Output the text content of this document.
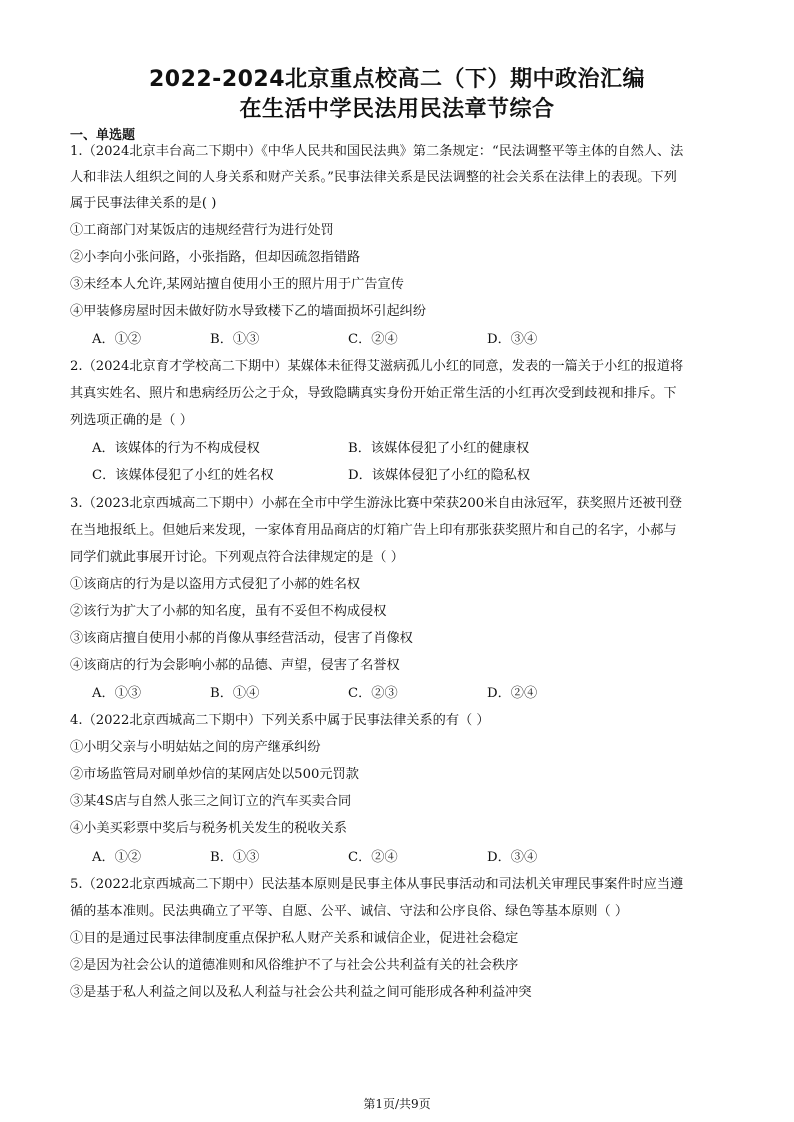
2022-2024北京重点校高二（下）期中政治汇编
在生活中学民法用民法章节综合
一、单选题
1.（2024北京丰台高二下期中）《中华人民共和国民法典》第二条规定：“民法调整平等主体的自然人、法
人和非法人组织之间的人身关系和财产关系。”民事法律关系是民法调整的社会关系在法律上的表现。下列
属于民事法律关系的是( )
①工商部门对某饭店的违规经营行为进行处罚
②小李向小张问路，小张指路，但却因疏忽指错路
③未经本人允许,某网站擅自使用小王的照片用于广告宣传
④甲装修房屋时因未做好防水导致楼下乙的墙面损坏引起纠纷
A．①②	B．①③	C．②④	D．③④
2.（2024北京育才学校高二下期中）某媒体未征得艾滋病孤儿小红的同意，发表的一篇关于小红的报道将
其真实姓名、照片和患病经历公之于众，导致隐瞒真实身份开始正常生活的小红再次受到歧视和排斥。下
列选项正确的是（ ）
A．该媒体的行为不构成侵权	B．该媒体侵犯了小红的健康权
C．该媒体侵犯了小红的姓名权	D．该媒体侵犯了小红的隐私权
3.（2023北京西城高二下期中）小郝在全市中学生游泳比赛中荣获200米自由泳冠军，获奖照片还被刊登
在当地报纸上。但她后来发现，一家体育用品商店的灯箱广告上印有那张获奖照片和自己的名字，小郝与
同学们就此事展开讨论。下列观点符合法律规定的是（ ）
①该商店的行为是以盗用方式侵犯了小郝的姓名权
②该行为扩大了小郝的知名度，虽有不妥但不构成侵权
③该商店擅自使用小郝的肖像从事经营活动，侵害了肖像权
④该商店的行为会影响小郝的品德、声望，侵害了名誉权
A．①③	B．①④	C．②③	D．②④
4.（2022北京西城高二下期中）下列关系中属于民事法律关系的有（ ）
①小明父亲与小明姑姑之间的房产继承纠纷
②市场监管局对刷单炒信的某网店处以500元罚款
③某4S店与自然人张三之间订立的汽车买卖合同
④小美买彩票中奖后与税务机关发生的税收关系
A．①②	B．①③	C．②④	D．③④
5.（2022北京西城高二下期中）民法基本原则是民事主体从事民事活动和司法机关审理民事案件时应当遵
循的基本准则。民法典确立了平等、自愿、公平、诚信、守法和公序良俗、绿色等基本原则（ ）
①目的是通过民事法律制度重点保护私人财产关系和诚信企业，促进社会稳定
②是因为社会公认的道德准则和风俗维护不了与社会公共利益有关的社会秩序
③是基于私人利益之间以及私人利益与社会公共利益之间可能形成各种利益冲突
第1页/共9页
